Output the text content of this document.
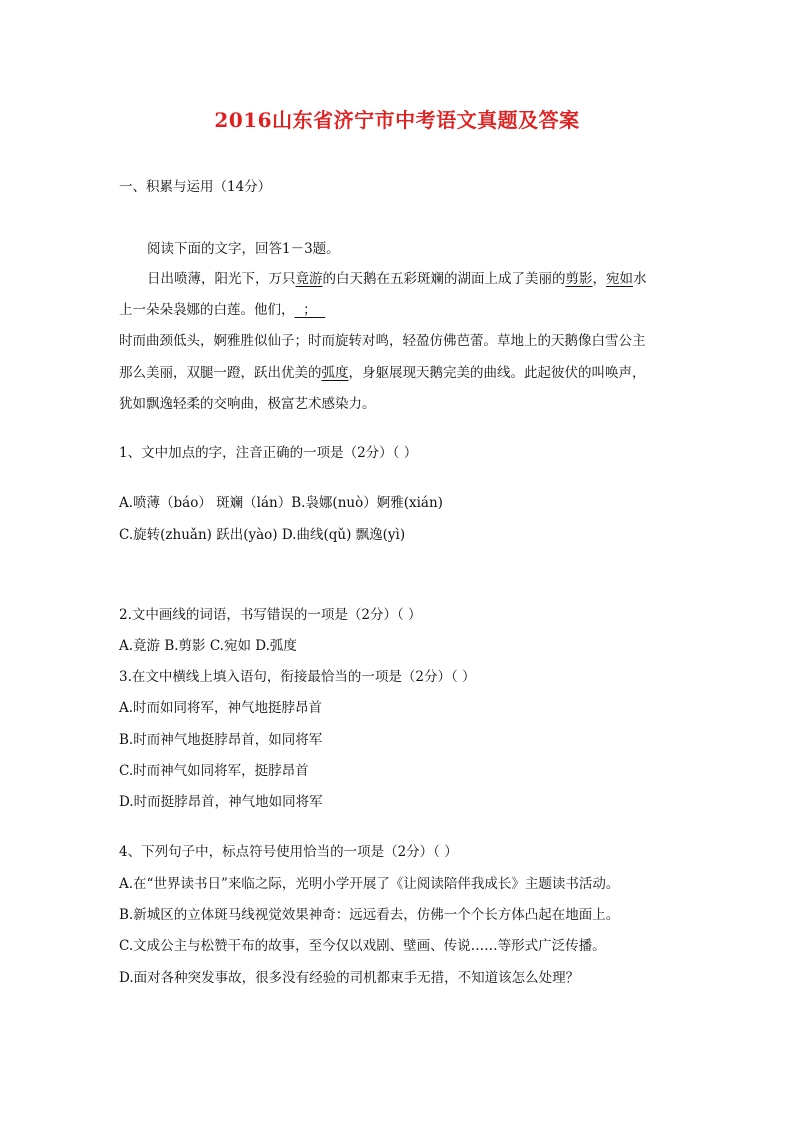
2016山东省济宁市中考语文真题及答案
一、积累与运用（14分）
阅读下面的文字，回答1－3题。
日出喷薄，阳光下，万只竟游的白天鹅在五彩斑斓的湖面上成了美丽的剪影，宛如水
上一朵朵袅娜的白莲。他们，  ；
时而曲颈低头，婀雅胜似仙子；时而旋转对鸣，轻盈仿佛芭蕾。草地上的天鹅像白雪公主
那么美丽，双腿一蹬，跃出优美的弧度，身躯展现天鹅完美的曲线。此起彼伏的叫唤声，
犹如飘逸轻柔的交响曲，极富艺术感染力。
1、文中加点的字，注音正确的一项是（2分）（ ）
A.喷薄（báo） 斑斓（lán）B.袅娜(nuò）婀雅(xián)
C.旋转(zhuǎn) 跃出(yào) D.曲线(qǔ) 飘逸(yì)
2.文中画线的词语，书写错误的一项是（2分）（ ）
A.竟游 B.剪影 C.宛如 D.弧度
3.在文中横线上填入语句，衔接最恰当的一项是（2分）（ ）
A.时而如同将军，神气地挺脖昂首
B.时而神气地挺脖昂首，如同将军
C.时而神气如同将军，挺脖昂首
D.时而挺脖昂首，神气地如同将军
4、下列句子中，标点符号使用恰当的一项是（2分）（ ）
A.在“世界读书日”来临之际，光明小学开展了《让阅读陪伴我成长》主题读书活动。
B.新城区的立体斑马线视觉效果神奇：远远看去，仿佛一个个长方体凸起在地面上。
C.文成公主与松赞干布的故事，至今仅以戏剧、壁画、传说……等形式广泛传播。
D.面对各种突发事故，很多没有经验的司机都束手无措，不知道该怎么处理？
